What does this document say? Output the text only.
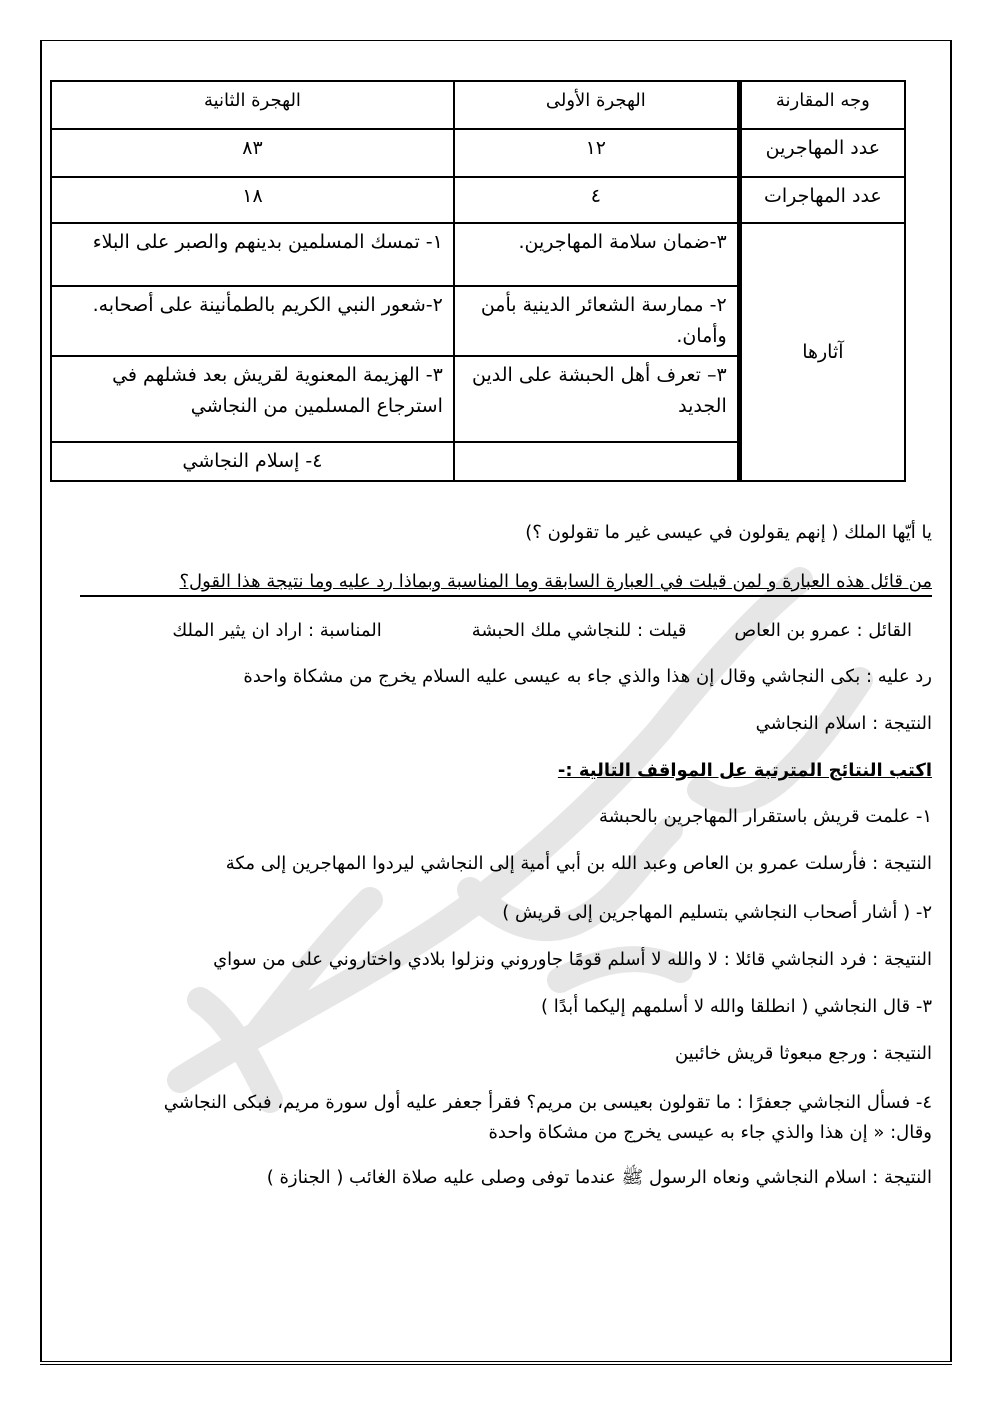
وجه المقارنة	الهجرة الأولى	الهجرة الثانية
عدد المهاجرين	١٢	٨٣
عدد المهاجرات	٤	١٨
آثارها	٣-ضمان سلامة المهاجرين.	١- تمسك المسلمين بدينهم والصبر على البلاء
	٢- ممارسة الشعائر الدينية بأمن وأمان.	٢-شعور النبي الكريم بالطمأنينة على أصحابه.
	٣– تعرف أهل الحبشة على الدين الجديد	٣- الهزيمة المعنوية لقريش بعد فشلهم في استرجاع المسلمين من النجاشي
		٤- إسلام النجاشي
يا أيّها الملك ( إنهم يقولون في عيسى غير ما تقولون ؟)
من قائل هذه العبارة و لمن قيلت في العبارة السابقة وما المناسبة وبماذا رد عليه وما نتيجة هذا القول؟
القائل : عمرو بن العاصقيلت : للنجاشي ملك الحبشةالمناسبة : اراد ان يثير الملك
رد عليه : بكى النجاشي وقال إن هذا والذي جاء به عيسى عليه السلام يخرج من مشكاة واحدة
النتيجة : اسلام النجاشي
اكتب النتائج المترتبة عل المواقف التالية :-
١- علمت قريش باستقرار المهاجرين بالحبشة
النتيجة : فأرسلت عمرو بن العاص وعبد الله بن أبي أمية إلى النجاشي ليردوا المهاجرين إلى مكة
٢- ( أشار أصحاب النجاشي بتسليم المهاجرين إلى قريش )
النتيجة : فرد النجاشي قائلا : لا والله لا أسلم قومًا جاوروني ونزلوا بلادي واختاروني على من سواي
٣- قال النجاشي ( انطلقا والله لا أسلمهم إليكما أبدًا )
النتيجة : ورجع مبعوثا قريش خائبين
٤- فسأل النجاشي جعفرًا : ما تقولون بعيسى بن مريم؟ فقرأ جعفر عليه أول سورة مريم، فبكى النجاشي
وقال: « إن هذا والذي جاء به عيسى يخرج من مشكاة واحدة
النتيجة : اسلام النجاشي ونعاه الرسول ﷺ عندما توفى وصلى عليه صلاة الغائب ( الجنازة )
